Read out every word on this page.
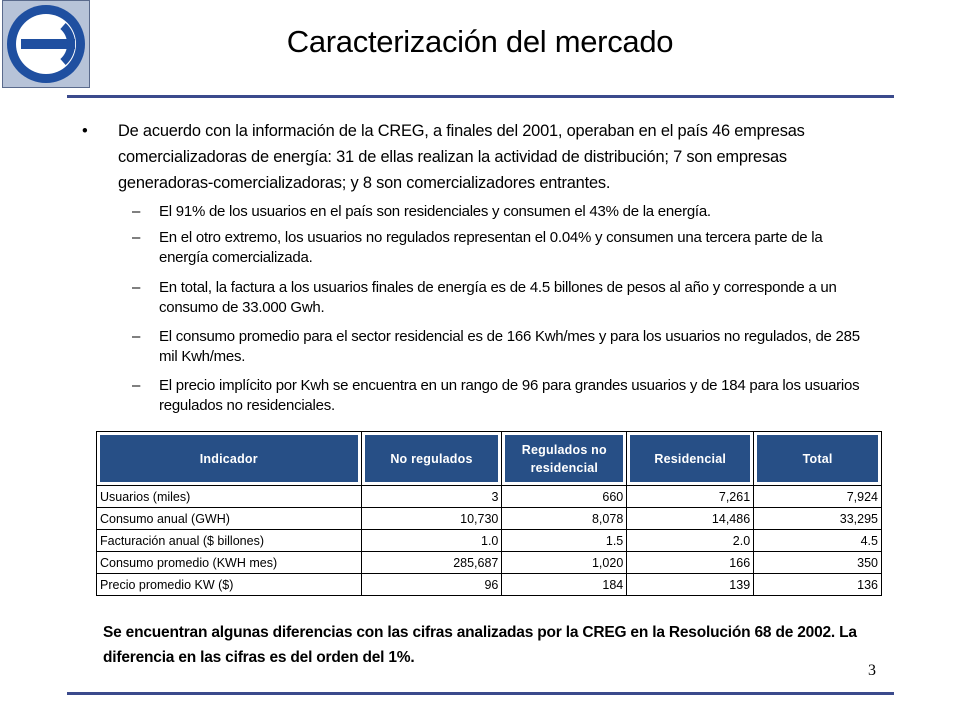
Caracterización del mercado
• De acuerdo con la información de la CREG, a finales del 2001, operaban en el país 46 empresas comercializadoras de energía: 31 de ellas realizan la actividad de distribución; 7 son empresas generadoras-comercializadoras; y 8 son comercializadores entrantes.
– El 91% de los usuarios en el país son residenciales y consumen el 43% de la energía.
– En el otro extremo, los usuarios no regulados representan el 0.04% y consumen una tercera parte de la energía comercializada.
– En total, la factura a los usuarios finales de energía es de 4.5 billones de pesos al año y corresponde a un consumo de 33.000 Gwh.
– El consumo promedio para el sector residencial es de 166 Kwh/mes y para los usuarios no regulados, de 285 mil Kwh/mes.
– El precio implícito por Kwh se encuentra en un rango de 96 para grandes usuarios y de 184 para los usuarios regulados no residenciales.
Indicador	No regulados	Regulados no residencial	Residencial	Total
Usuarios (miles)	3	660	7,261	7,924
Consumo anual (GWH)	10,730	8,078	14,486	33,295
Facturación anual ($ billones)	1.0	1.5	2.0	4.5
Consumo promedio (KWH mes)	285,687	1,020	166	350
Precio promedio KW ($)	96	184	139	136
Se encuentran algunas diferencias con las cifras analizadas por la CREG en la Resolución 68 de 2002. La diferencia en las cifras es del orden del 1%.
3
